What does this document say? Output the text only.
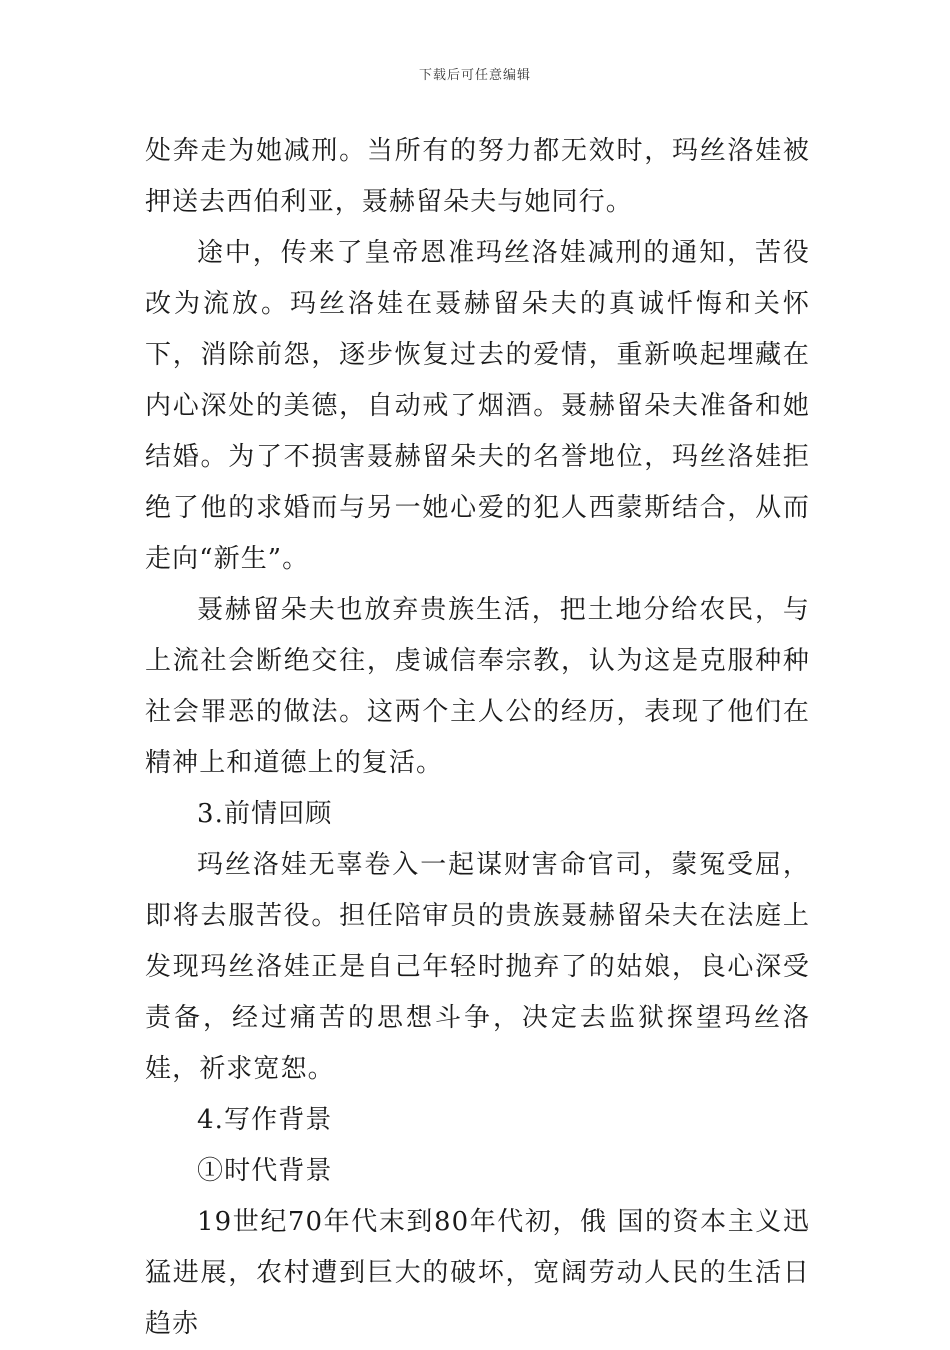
下载后可任意编辑

处奔走为她减刑。当所有的努力都无效时，玛丝洛娃被押送去西伯利亚，聂赫留朵夫与她同行。

途中，传来了皇帝恩准玛丝洛娃减刑的通知，苦役改为流放。玛丝洛娃在聂赫留朵夫的真诚忏悔和关怀下，消除前怨，逐步恢复过去的爱情，重新唤起埋藏在内心深处的美德，自动戒了烟酒。聂赫留朵夫准备和她结婚。为了不损害聂赫留朵夫的名誉地位，玛丝洛娃拒绝了他的求婚而与另一她心爱的犯人西蒙斯结合，从而走向“新生”。

聂赫留朵夫也放弃贵族生活，把土地分给农民，与上流社会断绝交往，虔诚信奉宗教，认为这是克服种种社会罪恶的做法。这两个主人公的经历，表现了他们在精神上和道德上的复活。

3.前情回顾

玛丝洛娃无辜卷入一起谋财害命官司，蒙冤受屈，即将去服苦役。担任陪审员的贵族聂赫留朵夫在法庭上发现玛丝洛娃正是自己年轻时抛弃了的姑娘，良心深受责备，经过痛苦的思想斗争，决定去监狱探望玛丝洛娃，祈求宽恕。

4.写作背景

①时代背景

19世纪70年代末到80年代初，俄 国的资本主义迅猛进展，农村遭到巨大的破坏，宽阔劳动人民的生活日趋赤
